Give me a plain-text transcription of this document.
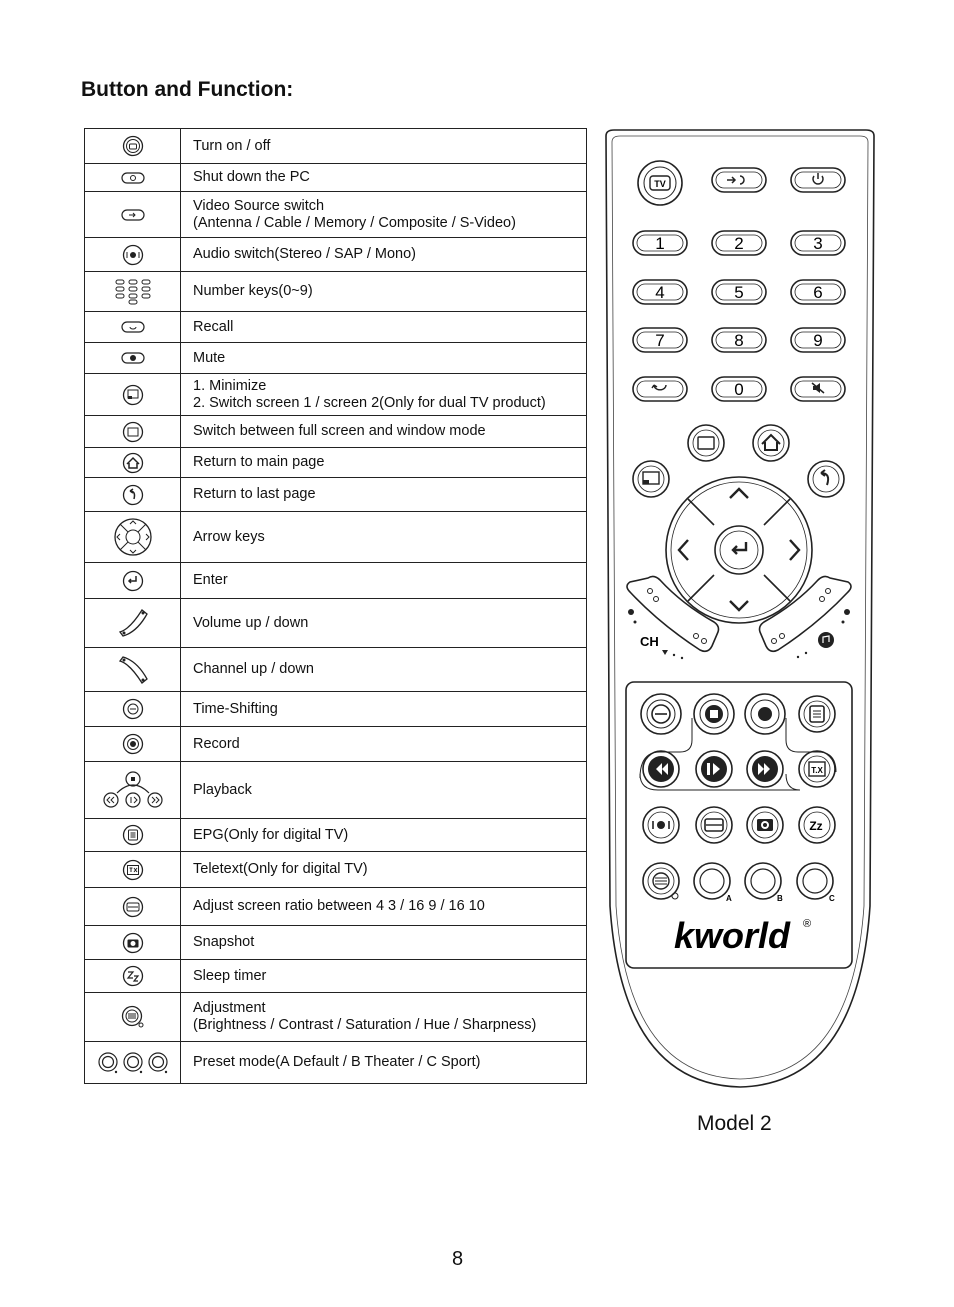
Button and Function:
	Turn on / off

	Shut down the PC

	Video Source switch
(Antenna / Cable / Memory / Composite / S-Video)

	Audio switch(Stereo / SAP / Mono)

	Number keys(0~9)

	Recall

	Mute

	1. Minimize
2. Switch screen 1 / screen 2(Only for dual TV product)

	Switch between full screen and window mode

	Return to main page

	Return to last page

	Arrow keys

	Enter

	Volume up / down

	Channel up / down

	Time-Shifting

	Record

	Playback

	EPG(Only for digital TV)

	Teletext(Only for digital TV)

	Adjust screen ratio between 4 3 / 16 9 / 16 10

	Snapshot

	Sleep timer

	Adjustment
(Brightness / Contrast / Saturation / Hue / Sharpness)

	Preset mode(A Default / B Theater / C Sport)
TV
1	2	3
4	5	6
7	8	9
0
CH
T.X
Zz
A	B	C
kworld ®
Model 2
8
